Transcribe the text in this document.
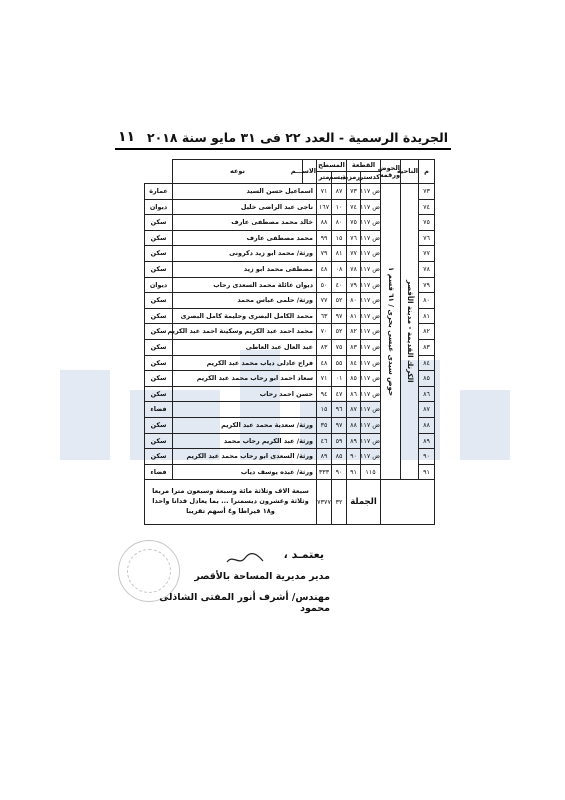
الجريدة الرسمية - العدد ٢٢ فى ٣١ مايو سنة ٢٠١٨
١١
م	الناحية	الحوض ورقمه	القطعة		المسطح		الاســـم	نوعه	
			كدستر	رمزية	ديسم	متر			
٧٣	الكرنك القديمة - مدينة الأقصر	حوض سيدى عيسى بحرى / ٦١ قسم ١	ض ١١٧	٧٣	٨٧	٧١	اسماعيل حسن السيد		عمارة
٧٤			ض ١١٧	٧٤	١٠	١٦٧	ناجى عبد الراضى خليل		ديوان
٧٥			ض ١١٧	٧٥	٨٠	٨٨	خالد محمد مصطفى عارف		سكن
٧٦			ض ١١٧	٧٦	١٥	٩٩	محمد مصطفى عارف		سكن
٧٧			ض ١١٧	٧٧	٨١	٧٩	ورثة/ محمد ابو زيد دكرونى		سكن
٧٨			ض ١١٧	٧٨	٠٨	٤٨	مصطفى محمد ابو زيد		سكن
٧٩			ض ١١٧	٧٩	٤٠	٥٠	ديوان عائلة محمد السعدى رحاب		ديوان
٨٠			ض ١١٧	٨٠	٥٢	٧٧	ورثة/ حلمى عباس محمد		سكن
٨١			ض ١١٧	٨١	٩٧	٦٣	محمد الكامل البصرى وحليمة كامل البصرى		سكن
٨٢			ض ١١٧	٨٢	٥٢	٧٠	محمد احمد عبد الكريم وسكينة احمد عبد الكريم		سكن
٨٣			ض ١١٧	٨٣	٧٥	٨٣	عبد العال عبد العاطى		سكن
٨٤			ض ١١٧	٨٤	٥٥	٤٨	فراج عادلى دياب محمد عبد الكريم		سكن
٨٥			ض ١١٧	٨٥	٠١	٧١	سعاد احمد ابو رحاب محمد عبد الكريم		سكن
٨٦			ض ١١٧	٨٦	٤٧	٩٤	حسن احمد رحاب		سكن
٨٧			ض ١١٧	٨٧	٩٦	١٥			فضاء
٨٨			ض ١١٧	٨٨	٩٧	٣٥	ورثة/ سعدية محمد عبد الكريم		سكن
٨٩			ض ١١٧	٨٩	٥٩	٤٦	ورثة/ عبد الكريم رحاب محمد		سكن
٩٠			ض ١١٧	٩٠	٨٥	٨٩	ورثة/ السعدى ابو رحاب محمد عبد الكريم		سكن
٩١			١١٥	٩١	٩٠	٣٣٣	ورثة/ عبده يوسف دياب		فضاء
			الجملة		٣٢	٧٣٧٧	سبعة الاف وثلاثة مائة وسبعة وسبعون مترا مربعا وثلاثة وعشرون ديسمترا ... بما يعادل فدانا واحدا و١٨ قيراطا و٤ أسهم تقريبا		
يعتمـد ،
مدير مديرية المساحة بالأقصر
مهندس/ أشرف أنور المفتى الشاذلى محمود
